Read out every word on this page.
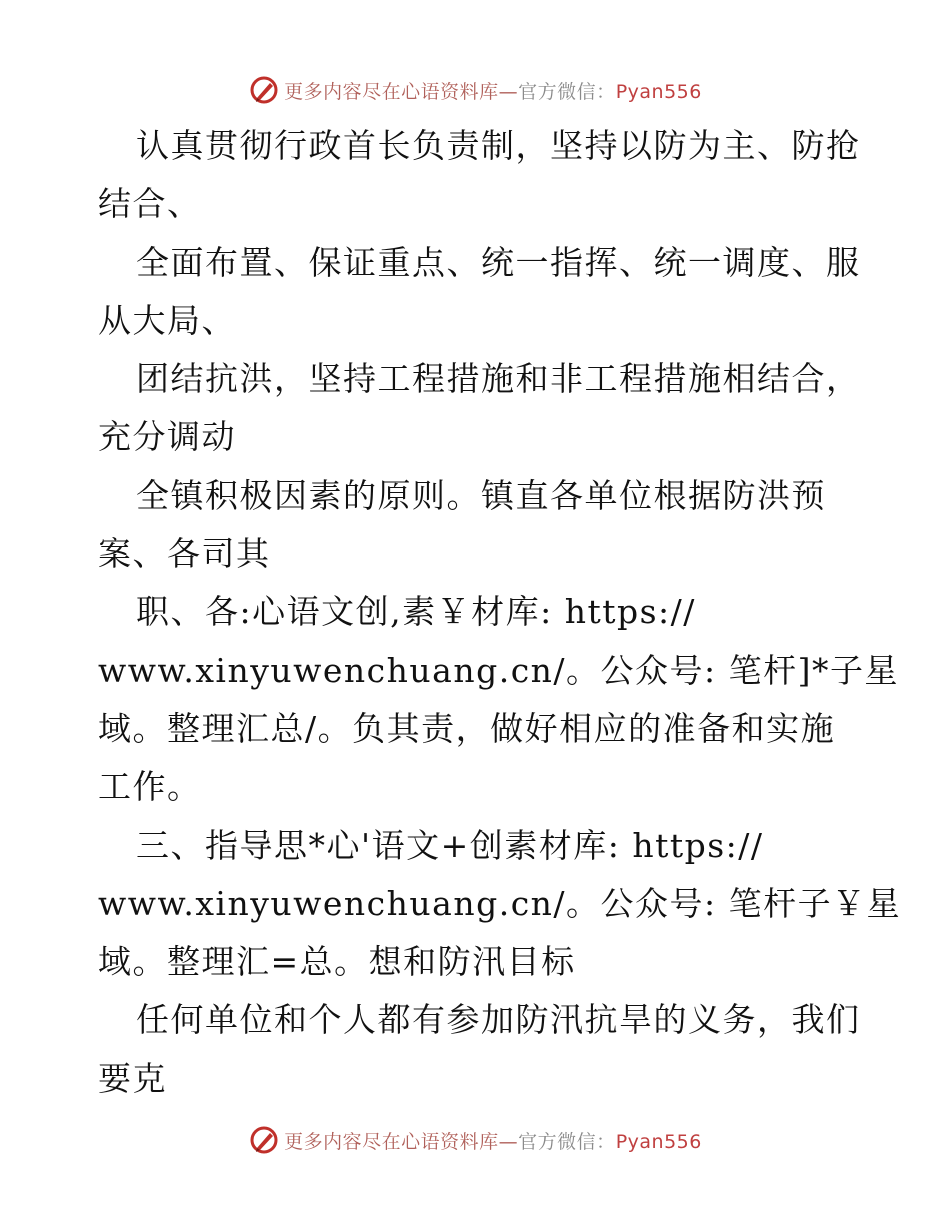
更多内容尽在心语资料库—官方微信：Pyan556
认真贯彻行政首长负责制，坚持以防为主、防抢
结合、
全面布置、保证重点、统一指挥、统一调度、服
从大局、
团结抗洪，坚持工程措施和非工程措施相结合，
充分调动
全镇积极因素的原则。镇直各单位根据防洪预
案、各司其
职、各:心语文创,素￥材库: https://
www.xinyuwenchuang.cn/。公众号: 笔杆]*子星
域。整理汇总/。负其责，做好相应的准备和实施
工作。
三、指导思*心'语文+创素材库: https://
www.xinyuwenchuang.cn/。公众号: 笔杆子￥星
域。整理汇=总。想和防汛目标
任何单位和个人都有参加防汛抗旱的义务，我们
要克
更多内容尽在心语资料库—官方微信：Pyan556
